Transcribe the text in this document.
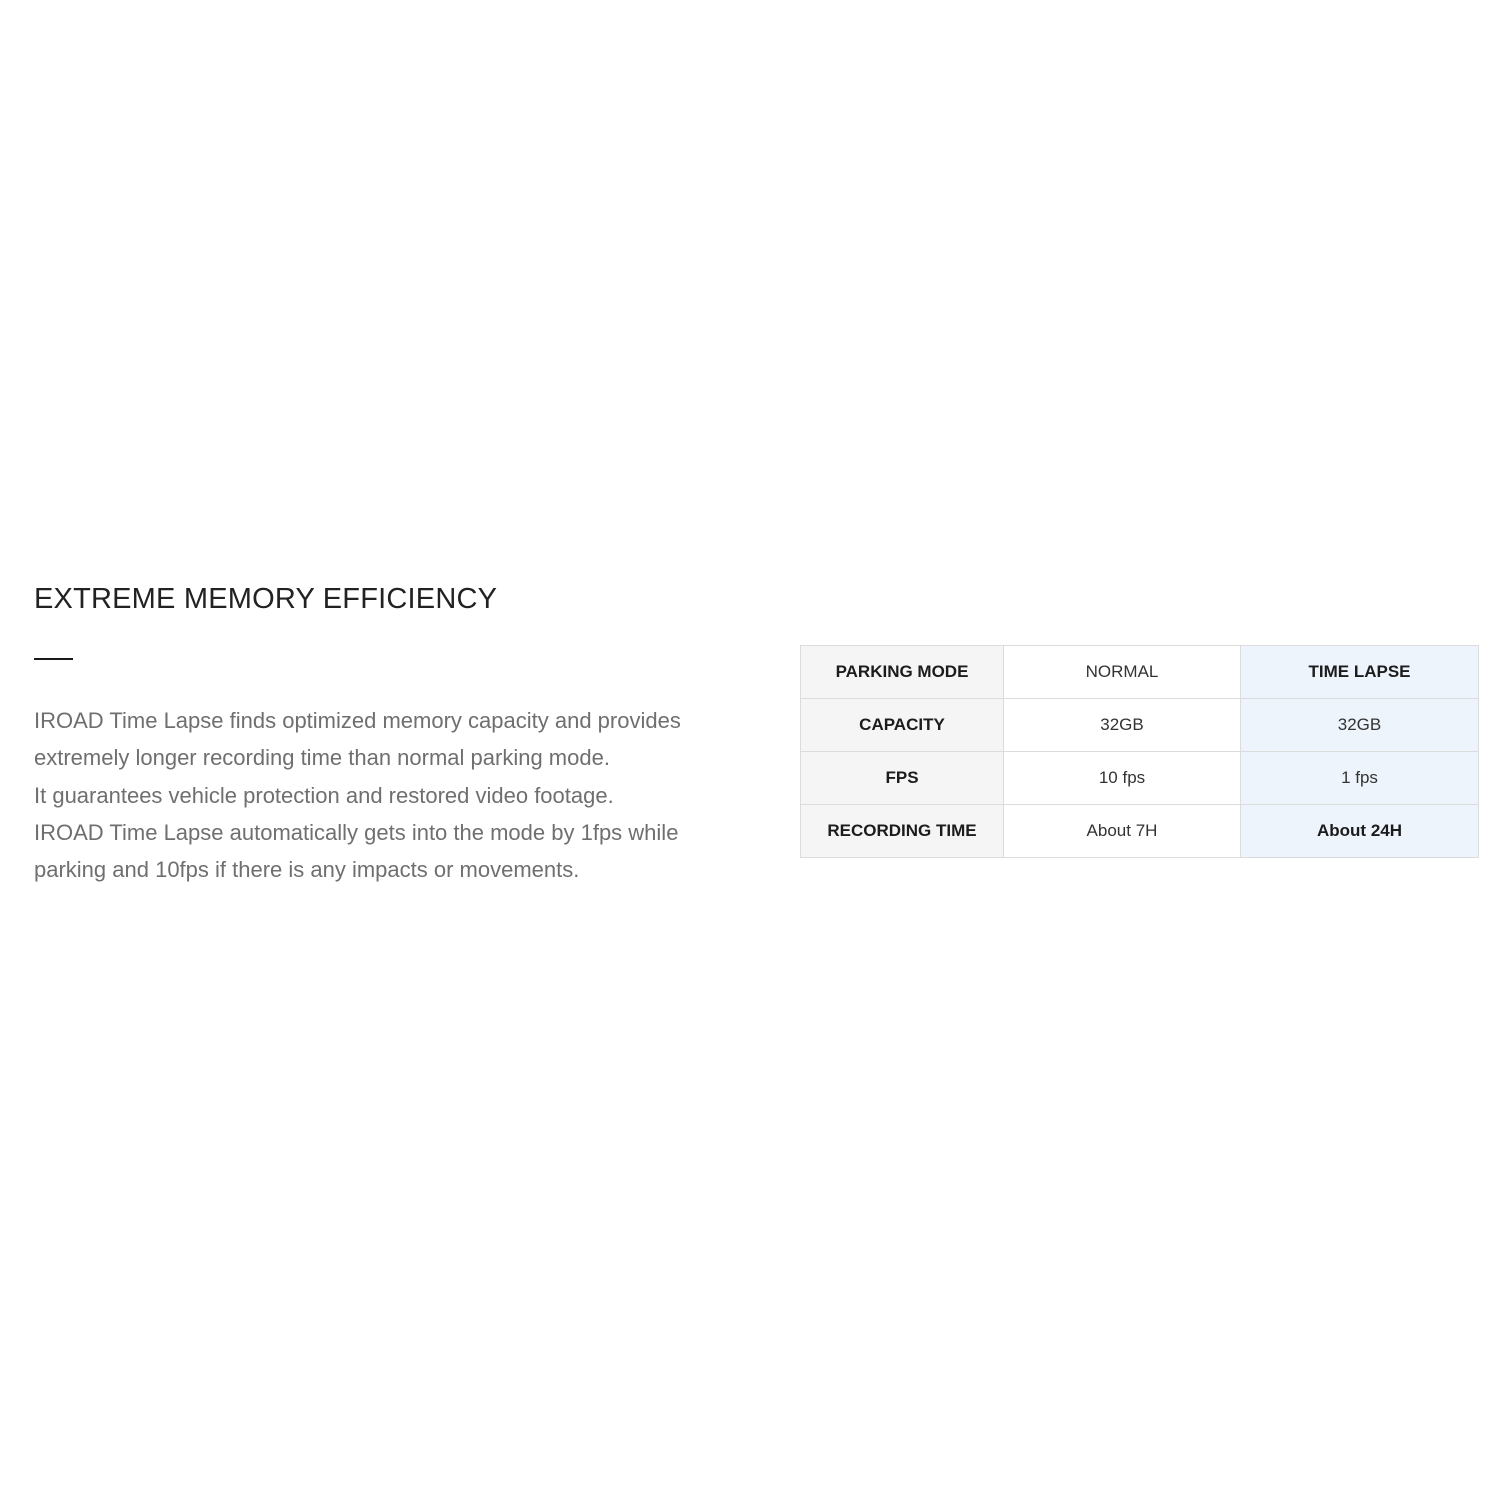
EXTREME MEMORY EFFICIENCY

IROAD Time Lapse finds optimized memory capacity and provides

extremely longer recording time than normal parking mode.

It guarantees vehicle protection and restored video footage.

IROAD Time Lapse automatically gets into the mode by 1fps while

parking and 10fps if there is any impacts or movements.

PARKING MODE	NORMAL	TIME LAPSE
CAPACITY	32GB	32GB
FPS	10 fps	1 fps
RECORDING TIME	About 7H	About 24H
